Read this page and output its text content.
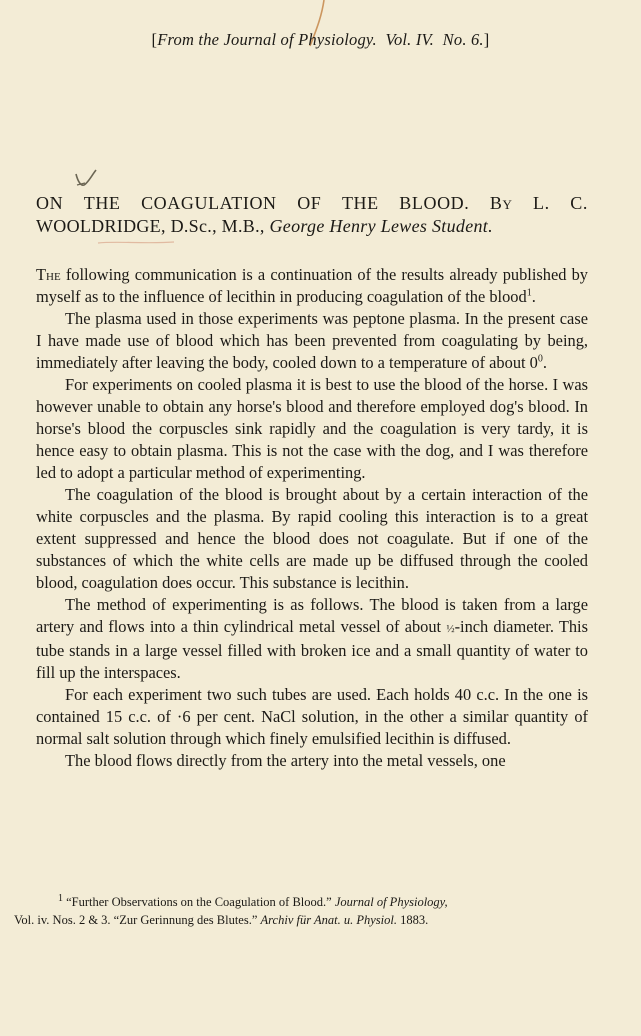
[From the Journal of Physiology. Vol. IV. No. 6.]
ON THE COAGULATION OF THE BLOOD. By L. C.
WOOLDRIDGE, D.Sc., M.B., George Henry Lewes Student.

The following communication is a continuation of the results already published by myself as to the influence of lecithin in producing coagulation of the blood$^1$.

The plasma used in those experiments was peptone plasma. In the present case I have made use of blood which has been prevented from coagulating by being, immediately after leaving the body, cooled down to a temperature of about $0^0$.

For experiments on cooled plasma it is best to use the blood of the horse. I was however unable to obtain any horse's blood and therefore employed dog's blood. In horse's blood the corpuscles sink rapidly and the coagulation is very tardy, it is hence easy to obtain plasma. This is not the case with the dog, and I was therefore led to adopt a particular method of experimenting.

The coagulation of the blood is brought about by a certain interaction of the white corpuscles and the plasma. By rapid cooling this interaction is to a great extent suppressed and hence the blood does not coagulate. But if one of the substances of which the white cells are made up be diffused through the cooled blood, coagulation does occur. This substance is lecithin.

The method of experimenting is as follows. The blood is taken from a large artery and flows into a thin cylindrical metal vessel of about ½-inch diameter. This tube stands in a large vessel filled with broken ice and a small quantity of water to fill up the interspaces.

For each experiment two such tubes are used. Each holds 40 c.c. In the one is contained 15 c.c. of ·6 per cent. NaCl solution, in the other a similar quantity of normal salt solution through which finely emulsified lecithin is diffused.

The blood flows directly from the artery into the metal vessels, one

$^1$ “Further Observations on the Coagulation of Blood.” Journal of Physiology,
Vol. iv. Nos. 2 & 3. “Zur Gerinnung des Blutes.” Archiv für Anat. u. Physiol. 1883.
